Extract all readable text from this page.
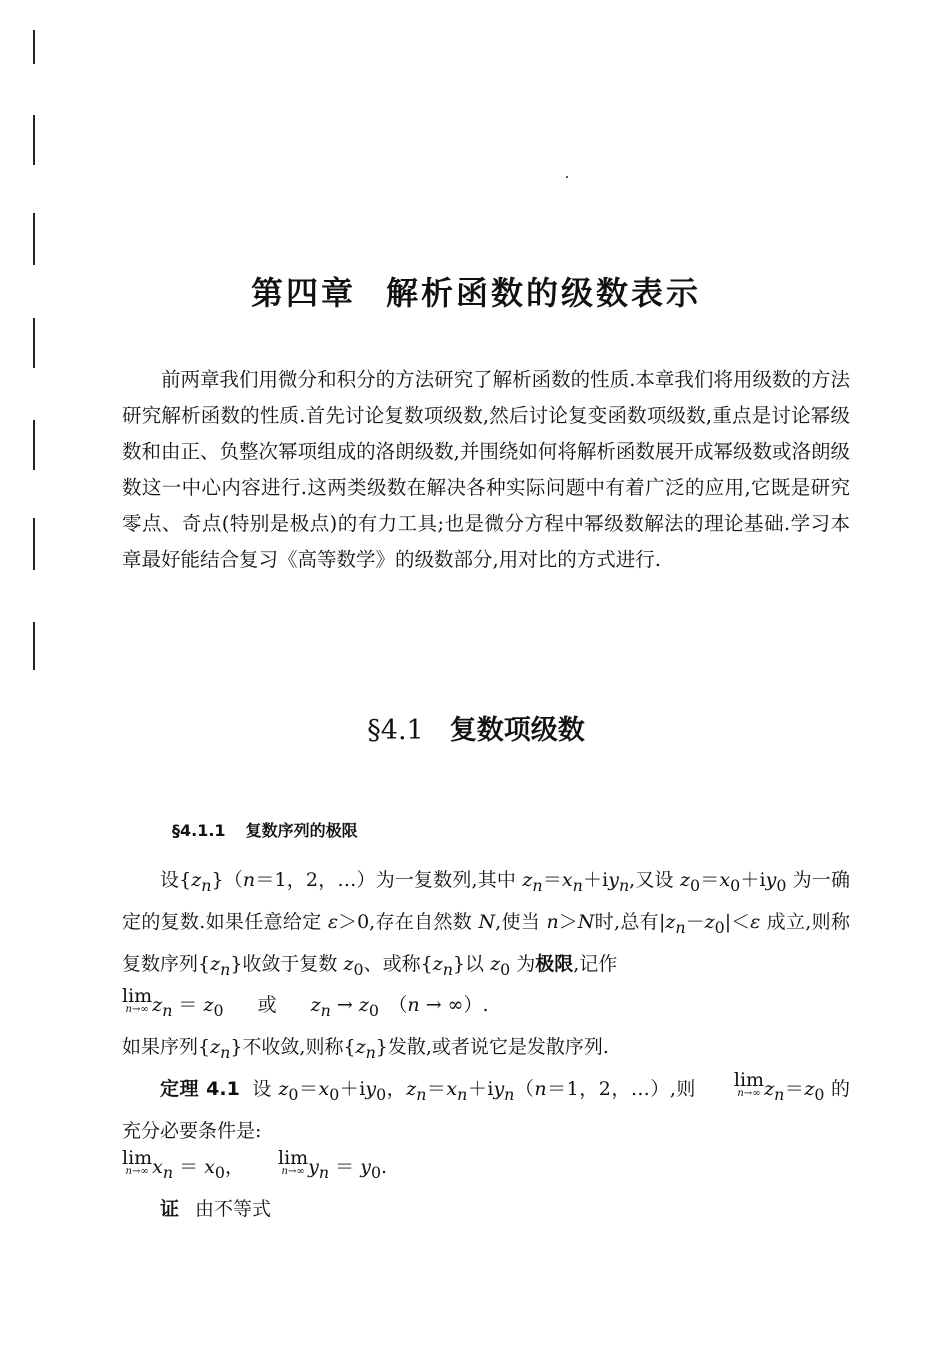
第四章 解析函数的级数表示

前两章我们用微分和积分的方法研究了解析函数的性质.本章我们将用级数的方法研究解析函数的性质.首先讨论复数项级数,然后讨论复变函数项级数,重点是讨论幂级数和由正、负整次幂项组成的洛朗级数,并围绕如何将解析函数展开成幂级数或洛朗级数这一中心内容进行.这两类级数在解决各种实际问题中有着广泛的应用,它既是研究零点、奇点(特别是极点)的有力工具;也是微分方程中幂级数解法的理论基础.学习本章最好能结合复习《高等数学》的级数部分,用对比的方式进行.

§4.1 复数项级数
§4.1.1 复数序列的极限

设$\{z_n\}(n=1$，2，…）为一复数列,其中 $z_n=x_n+iy_n$,又设 $z_0=x_0+iy_0$ 为一确定的复数.如果任意给定 ε＞0,存在自然数 N,使当 n＞N时,总有$|z_n-z_0|<\varepsilon$ 成立,则称复数序列$\{z_n\}$收敛于复数 $z_0$、或称$\{z_n\}$以 $z_0$ 为极限,记作

lim
n→∞ $z_n = z_0$ 或 $z_n \to z_0$　（n → ∞）.

如果序列$\{z_n\}$不收敛,则称$\{z_n\}$发散,或者说它是发散序列.

定理 4.1 设 $z_0=x_0+iy_0$，$z_n=x_n+iy_n(n=1$，2，…）,则 lim
n→∞ $z_n=z_0$ 的充分必要条件是:

lim
n→∞ $x_n = x_0$， lim
n→∞ $y_n = y_0$.

证 由不等式
